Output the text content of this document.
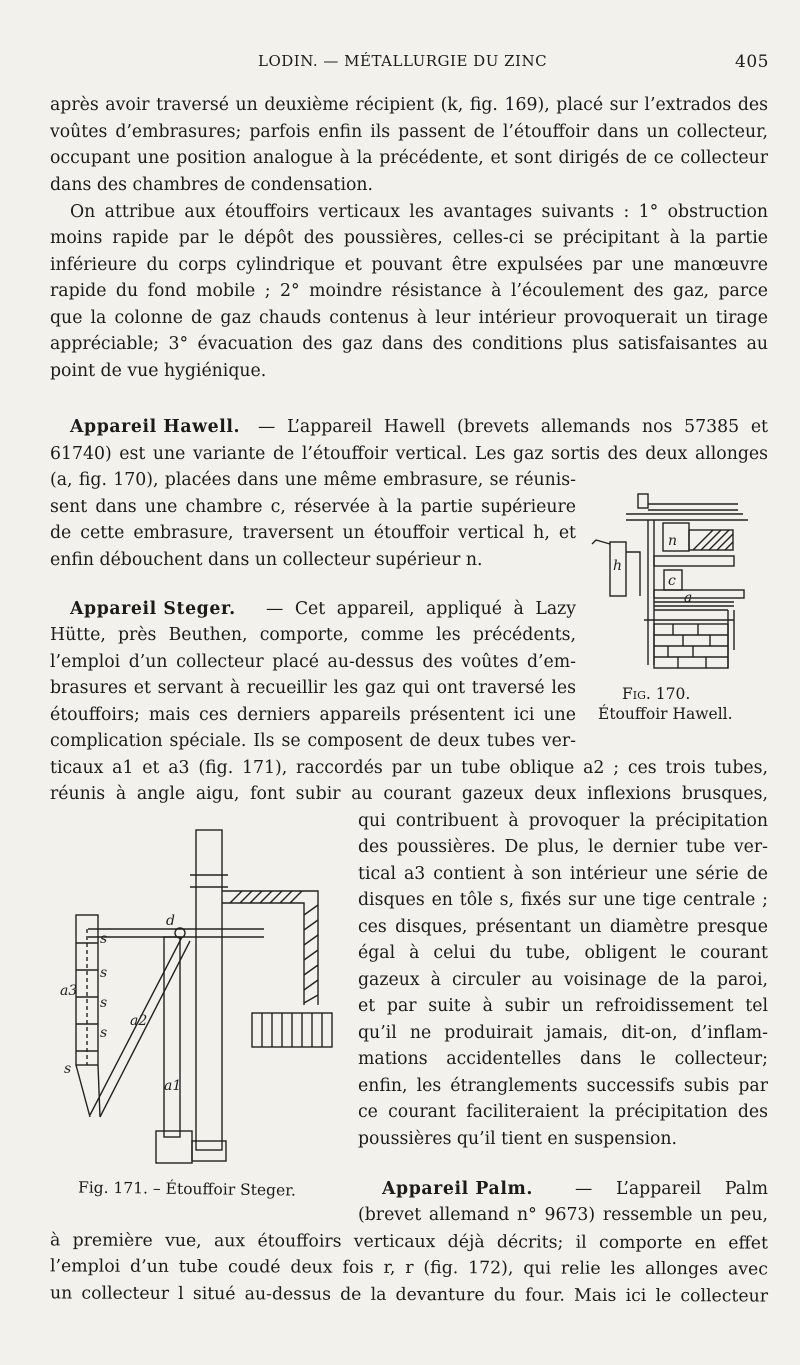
LODIN. — MÉTALLURGIE DU ZINC	405
après avoir traversé un deuxième récipient (k, fig. 169), placé sur l’extrados des
voûtes d’embrasures; parfois enfin ils passent de l’étouffoir dans un collecteur,
occupant une position analogue à la précédente, et sont dirigés de ce collecteur
dans des chambres de condensation.
On attribue aux étouffoirs verticaux les avantages suivants : 1° obstruction
moins rapide par le dépôt des poussières, celles-ci se précipitant à la partie
inférieure du corps cylindrique et pouvant être expulsées par une manœuvre
rapide du fond mobile ; 2° moindre résistance à l’écoulement des gaz, parce
que la colonne de gaz chauds contenus à leur intérieur provoquerait un tirage
appréciable; 3° évacuation des gaz dans des conditions plus satisfaisantes au
point de vue hygiénique.
Appareil Hawell.	— L’appareil Hawell (brevets allemands nos 57385 et
61740) est une variante de l’étouffoir vertical. Les gaz sortis des deux allonges
(a, fig. 170), placées dans une même embrasure, se réunis-
sent dans une chambre c, réservée à la partie supérieure
de cette embrasure, traversent un étouffoir vertical h, et
enfin débouchent dans un collecteur supérieur n.
n
h
c
a
Fig. 170.
Étouffoir Hawell.
Appareil Steger.	— Cet appareil, appliqué à Lazy
Hütte, près Beuthen, comporte, comme les précédents,
l’emploi d’un collecteur placé au-dessus des voûtes d’em-
brasures et servant à recueillir les gaz qui ont traversé les
étouffoirs; mais ces derniers appareils présentent ici une
complication spéciale. Ils se composent de deux tubes ver-
ticaux a1 et a3 (fig. 171), raccordés par un tube oblique a2 ; ces trois tubes,
réunis à angle aigu, font subir au courant gazeux deux inflexions brusques,
qui contribuent à provoquer la précipitation
des poussières. De plus, le dernier tube ver-
tical a3 contient à son intérieur une série de
disques en tôle s, fixés sur une tige centrale ;
ces disques, présentant un diamètre presque
égal à celui du tube, obligent le courant
gazeux à circuler au voisinage de la paroi,
et par suite à subir un refroidissement tel
qu’il ne produirait jamais, dit-on, d’inflam-
mations accidentelles dans le collecteur;
enfin, les étranglements successifs subis par
ce courant faciliteraient la précipitation des
poussières qu’il tient en suspension.
d
a3
a2
a1
s
s
s
s
s
Fig. 171. – Étouffoir Steger.	Appareil Palm.	— L’appareil Palm
(brevet allemand n° 9673) ressemble un peu,
à première vue, aux étouffoirs verticaux déjà décrits; il comporte en effet
l’emploi d’un tube coudé deux fois r, r (fig. 172), qui relie les allonges avec
un collecteur l situé au-dessus de la devanture du four. Mais ici le collecteur
